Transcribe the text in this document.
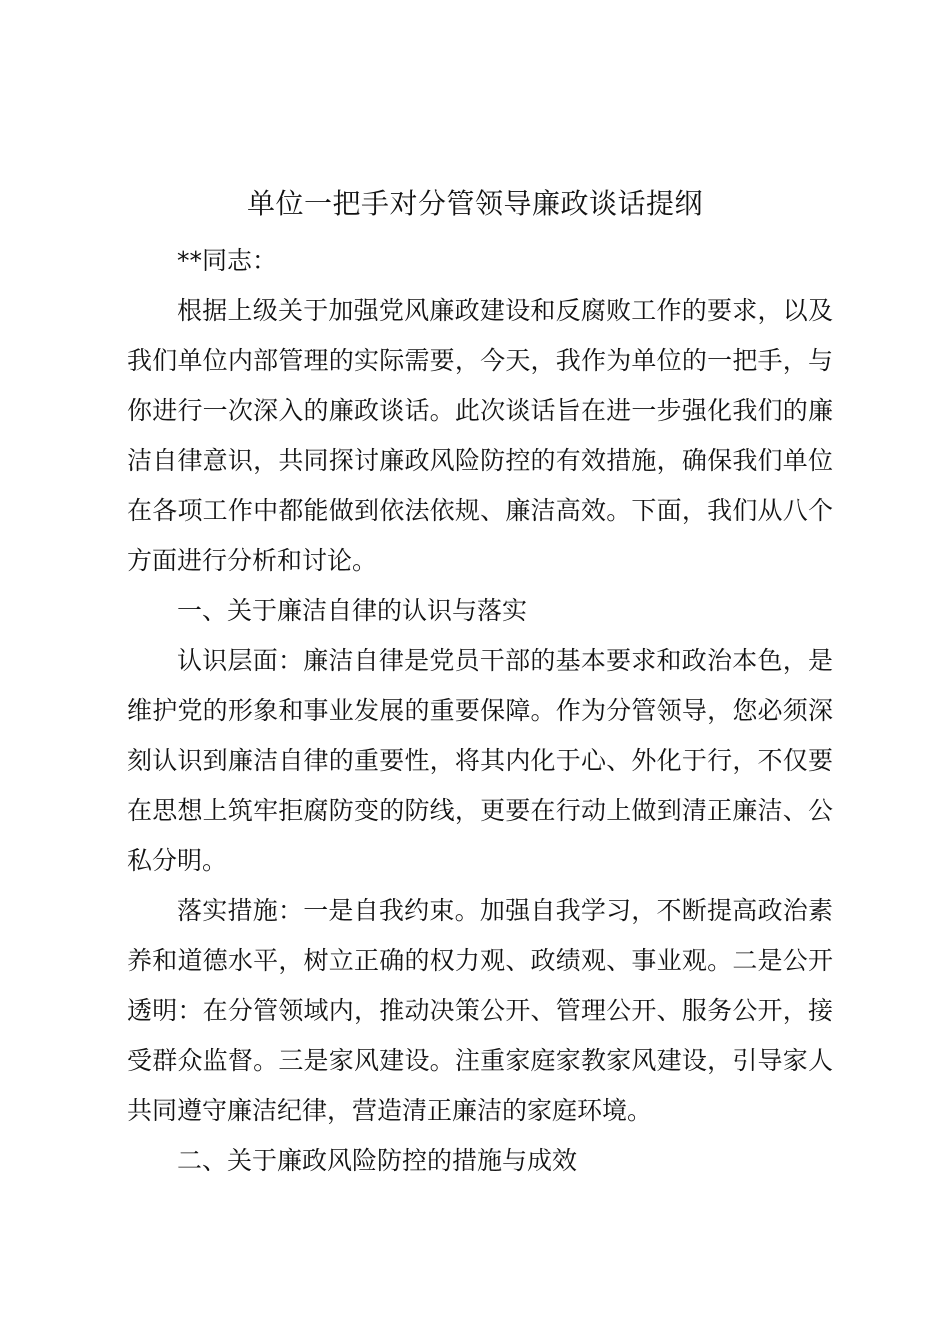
单位一把手对分管领导廉政谈话提纲

**同志：

根据上级关于加强党风廉政建设和反腐败工作的要求，以及我们单位内部管理的实际需要，今天，我作为单位的一把手，与你进行一次深入的廉政谈话。此次谈话旨在进一步强化我们的廉洁自律意识，共同探讨廉政风险防控的有效措施，确保我们单位在各项工作中都能做到依法依规、廉洁高效。下面，我们从八个方面进行分析和讨论。

一、关于廉洁自律的认识与落实

认识层面：廉洁自律是党员干部的基本要求和政治本色，是维护党的形象和事业发展的重要保障。作为分管领导，您必须深刻认识到廉洁自律的重要性，将其内化于心、外化于行，不仅要在思想上筑牢拒腐防变的防线，更要在行动上做到清正廉洁、公私分明。

落实措施：一是自我约束。加强自我学习，不断提高政治素养和道德水平，树立正确的权力观、政绩观、事业观。二是公开透明：在分管领域内，推动决策公开、管理公开、服务公开，接受群众监督。三是家风建设。注重家庭家教家风建设，引导家人共同遵守廉洁纪律，营造清正廉洁的家庭环境。

二、关于廉政风险防控的措施与成效
